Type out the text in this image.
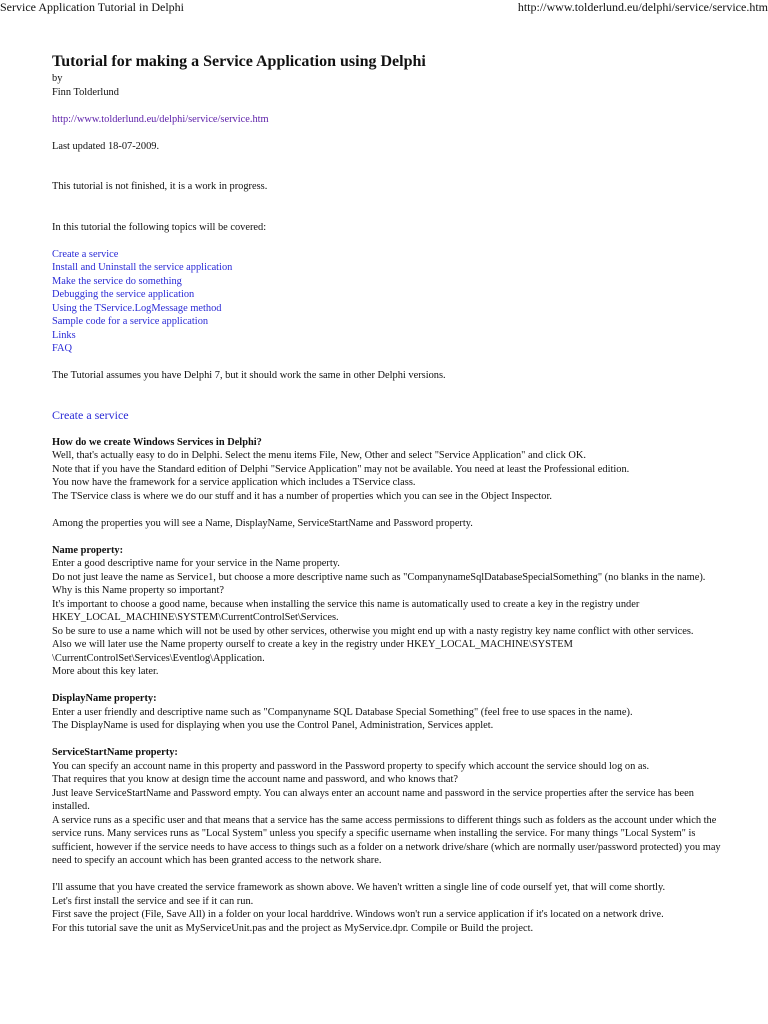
Service Application Tutorial in Delphi	http://www.tolderlund.eu/delphi/service/service.htm
Tutorial for making a Service Application using Delphi
by
Finn Tolderlund
http://www.tolderlund.eu/delphi/service/service.htm
Last updated 18-07-2009.
This tutorial is not finished, it is a work in progress.
In this tutorial the following topics will be covered:
Create a service
Install and Uninstall the service application
Make the service do something
Debugging the service application
Using the TService.LogMessage method
Sample code for a service application
Links
FAQ
The Tutorial assumes you have Delphi 7, but it should work the same in other Delphi versions.
Create a service
How do we create Windows Services in Delphi?
Well, that's actually easy to do in Delphi. Select the menu items File, New, Other and select "Service Application" and click OK.
Note that if you have the Standard edition of Delphi "Service Application" may not be available. You need at least the Professional edition.
You now have the framework for a service application which includes a TService class.
The TService class is where we do our stuff and it has a number of properties which you can see in the Object Inspector.
Among the properties you will see a Name, DisplayName, ServiceStartName and Password property.
Name property:
Enter a good descriptive name for your service in the Name property.
Do not just leave the name as Service1, but choose a more descriptive name such as "CompanynameSqlDatabaseSpecialSomething" (no blanks in the name).
Why is this Name property so important?
It's important to choose a good name, because when installing the service this name is automatically used to create a key in the registry under HKEY_LOCAL_MACHINE\SYSTEM\CurrentControlSet\Services.
So be sure to use a name which will not be used by other services, otherwise you might end up with a nasty registry key name conflict with other services.
Also we will later use the Name property ourself to create a key in the registry under HKEY_LOCAL_MACHINE\SYSTEM \CurrentControlSet\Services\Eventlog\Application.
More about this key later.
DisplayName property:
Enter a user friendly and descriptive name such as "Companyname SQL Database Special Something" (feel free to use spaces in the name).
The DisplayName is used for displaying when you use the Control Panel, Administration, Services applet.
ServiceStartName property:
You can specify an account name in this property and password in the Password property to specify which account the service should log on as.
That requires that you know at design time the account name and password, and who knows that?
Just leave ServiceStartName and Password empty. You can always enter an account name and password in the service properties after the service has been installed.
A service runs as a specific user and that means that a service has the same access permissions to different things such as folders as the account under which the service runs. Many services runs as "Local System" unless you specify a specific username when installing the service. For many things "Local System" is sufficient, however if the service needs to have access to things such as a folder on a network drive/share (which are normally user/password protected) you may need to specify an account which has been granted access to the network share.
I'll assume that you have created the service framework as shown above. We haven't written a single line of code ourself yet, that will come shortly.
Let's first install the service and see if it can run.
First save the project (File, Save All) in a folder on your local harddrive. Windows won't run a service application if it's located on a network drive.
For this tutorial save the unit as MyServiceUnit.pas and the project as MyService.dpr. Compile or Build the project.
